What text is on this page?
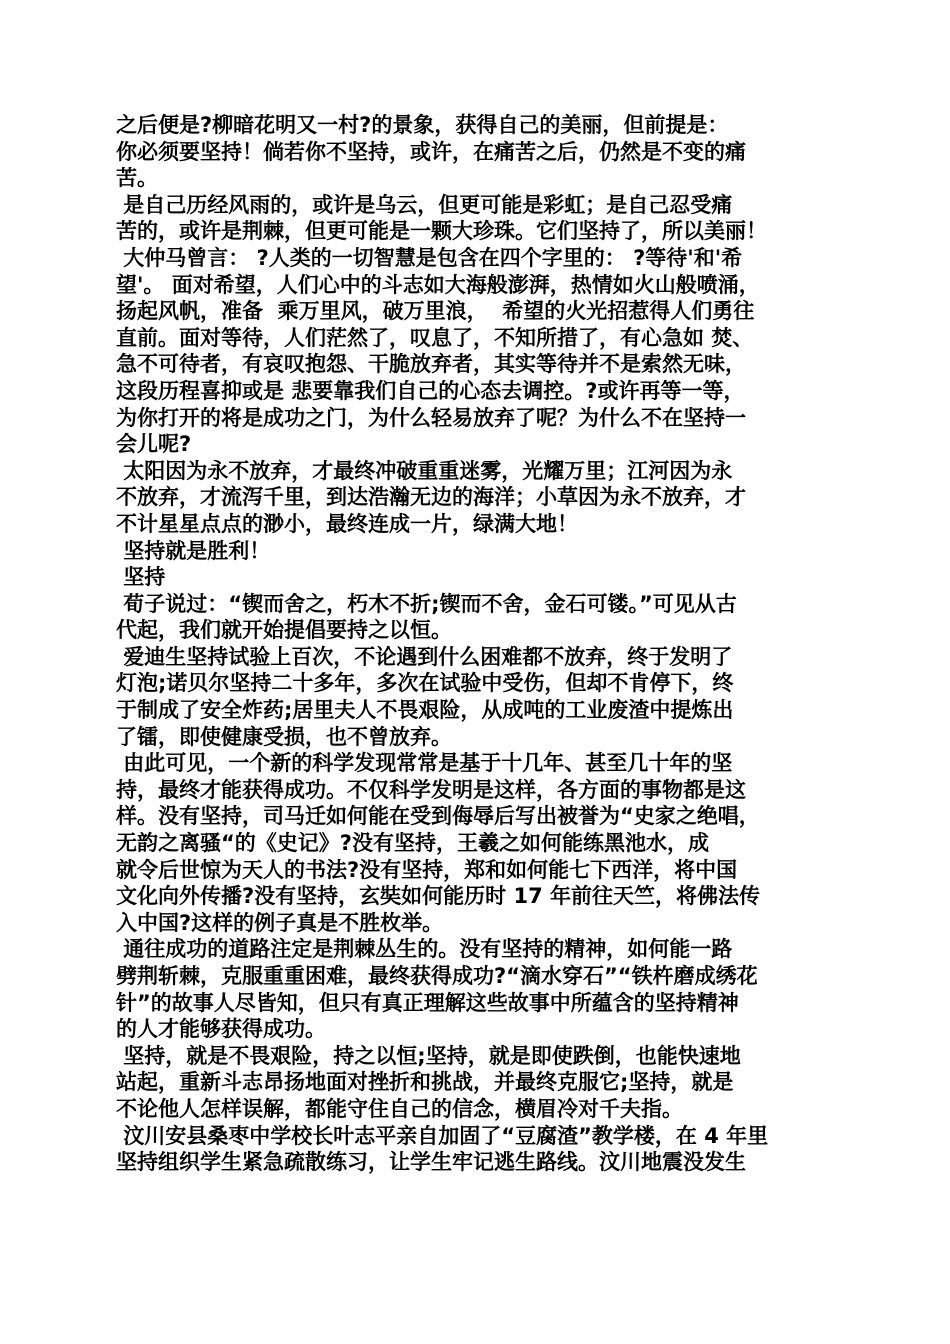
之后便是?柳暗花明又一村?的景象，获得自己的美丽，但前提是：
你必须要坚持！倘若你不坚持，或许，在痛苦之后，仍然是不变的痛
苦。
是自己历经风雨的，或许是乌云，但更可能是彩虹；是自己忍受痛
苦的，或许是荆棘，但更可能是一颗大珍珠。它们坚持了，所以美丽！
大仲马曾言： ?人类的一切智慧是包含在四个字里的： ?等待'和'希
望'。 面对希望，人们心中的斗志如大海般澎湃，热情如火山般喷涌，
扬起风帆，准备  乘万里风，破万里浪，  希望的火光招惹得人们勇往
直前。面对等待，人们茫然了，叹息了，不知所措了，有心急如 焚、
急不可待者，有哀叹抱怨、干脆放弃者，其实等待并不是索然无味，
这段历程喜抑或是 悲要靠我们自己的心态去调控。?或许再等一等，
为你打开的将是成功之门，为什么轻易放弃了呢？为什么不在坚持一
会儿呢?
太阳因为永不放弃，才最终冲破重重迷雾，光耀万里；江河因为永
不放弃，才流泻千里，到达浩瀚无边的海洋；小草因为永不放弃，才
不计星星点点的渺小，最终连成一片，绿满大地！
坚持就是胜利！
坚持
荀子说过：“锲而舍之，朽木不折;锲而不舍，金石可镂。”可见从古
代起，我们就开始提倡要持之以恒。
爱迪生坚持试验上百次，不论遇到什么困难都不放弃，终于发明了
灯泡;诺贝尔坚持二十多年，多次在试验中受伤，但却不肯停下，终
于制成了安全炸药;居里夫人不畏艰险，从成吨的工业废渣中提炼出
了镭，即使健康受损，也不曾放弃。
由此可见，一个新的科学发现常常是基于十几年、甚至几十年的坚
持，最终才能获得成功。不仅科学发明是这样，各方面的事物都是这
样。没有坚持，司马迁如何能在受到侮辱后写出被誉为“史家之绝唱，
无韵之离骚“的《史记》?没有坚持，王羲之如何能练黑池水，成
就令后世惊为天人的书法?没有坚持，郑和如何能七下西洋，将中国
文化向外传播?没有坚持，玄奘如何能历时 17 年前往天竺，将佛法传
入中国?这样的例子真是不胜枚举。
通往成功的道路注定是荆棘丛生的。没有坚持的精神，如何能一路
劈荆斩棘，克服重重困难，最终获得成功?“滴水穿石”“铁杵磨成绣花
针”的故事人尽皆知，但只有真正理解这些故事中所蕴含的坚持精神
的人才能够获得成功。
坚持，就是不畏艰险，持之以恒;坚持，就是即使跌倒，也能快速地
站起，重新斗志昂扬地面对挫折和挑战，并最终克服它;坚持，就是
不论他人怎样误解，都能守住自己的信念，横眉冷对千夫指。
汶川安县桑枣中学校长叶志平亲自加固了“豆腐渣”教学楼，在 4 年里
坚持组织学生紧急疏散练习，让学生牢记逃生路线。汶川地震没发生
